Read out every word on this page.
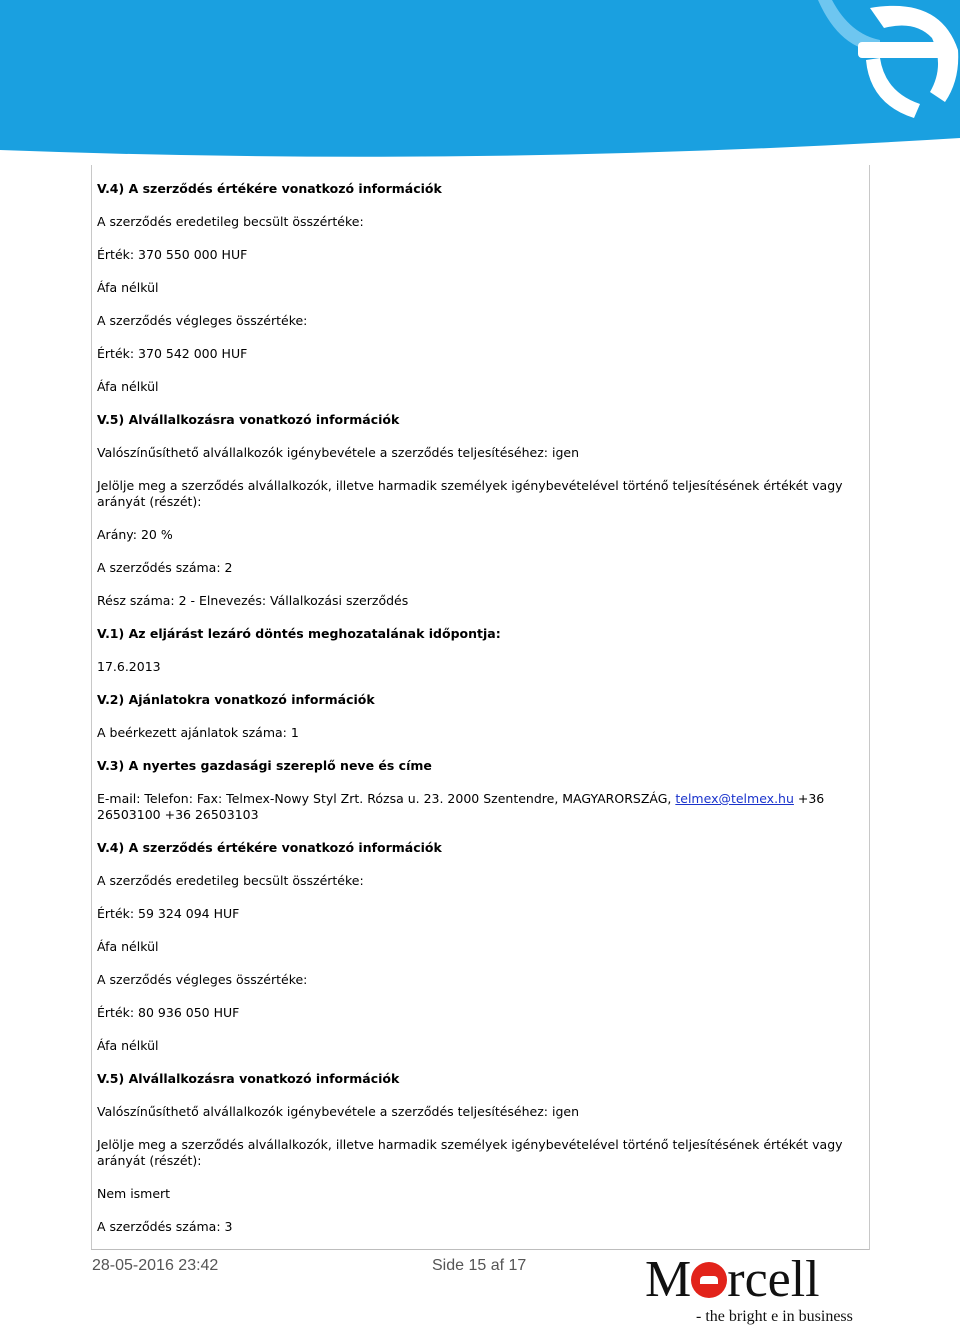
V.4) A szerződés értékére vonatkozó információk
A szerződés eredetileg becsült összértéke:
Érték: 370 550 000 HUF
Áfa nélkül
A szerződés végleges összértéke:
Érték: 370 542 000 HUF
Áfa nélkül
V.5) Alvállalkozásra vonatkozó információk
Valószínűsíthető alvállalkozók igénybevétele a szerződés teljesítéséhez: igen
Jelölje meg a szerződés alvállalkozók, illetve harmadik személyek igénybevételével történő teljesítésének értékét vagy arányát (részét):
Arány: 20 %
A szerződés száma: 2
Rész száma: 2 - Elnevezés: Vállalkozási szerződés
V.1) Az eljárást lezáró döntés meghozatalának időpontja:
17.6.2013
V.2) Ajánlatokra vonatkozó információk
A beérkezett ajánlatok száma: 1
V.3) A nyertes gazdasági szereplő neve és címe
E-mail: Telefon: Fax: Telmex-Nowy Styl Zrt. Rózsa u. 23. 2000 Szentendre, MAGYARORSZÁG, telmex@telmex.hu +36 26503100 +36 26503103
V.4) A szerződés értékére vonatkozó információk
A szerződés eredetileg becsült összértéke:
Érték: 59 324 094 HUF
Áfa nélkül
A szerződés végleges összértéke:
Érték: 80 936 050 HUF
Áfa nélkül
V.5) Alvállalkozásra vonatkozó információk
Valószínűsíthető alvállalkozók igénybevétele a szerződés teljesítéséhez: igen
Jelölje meg a szerződés alvállalkozók, illetve harmadik személyek igénybevételével történő teljesítésének értékét vagy arányát (részét):
Nem ismert
A szerződés száma: 3
28-05-2016 23:42	Side 15 af 17 M rcell
- the bright e in business
